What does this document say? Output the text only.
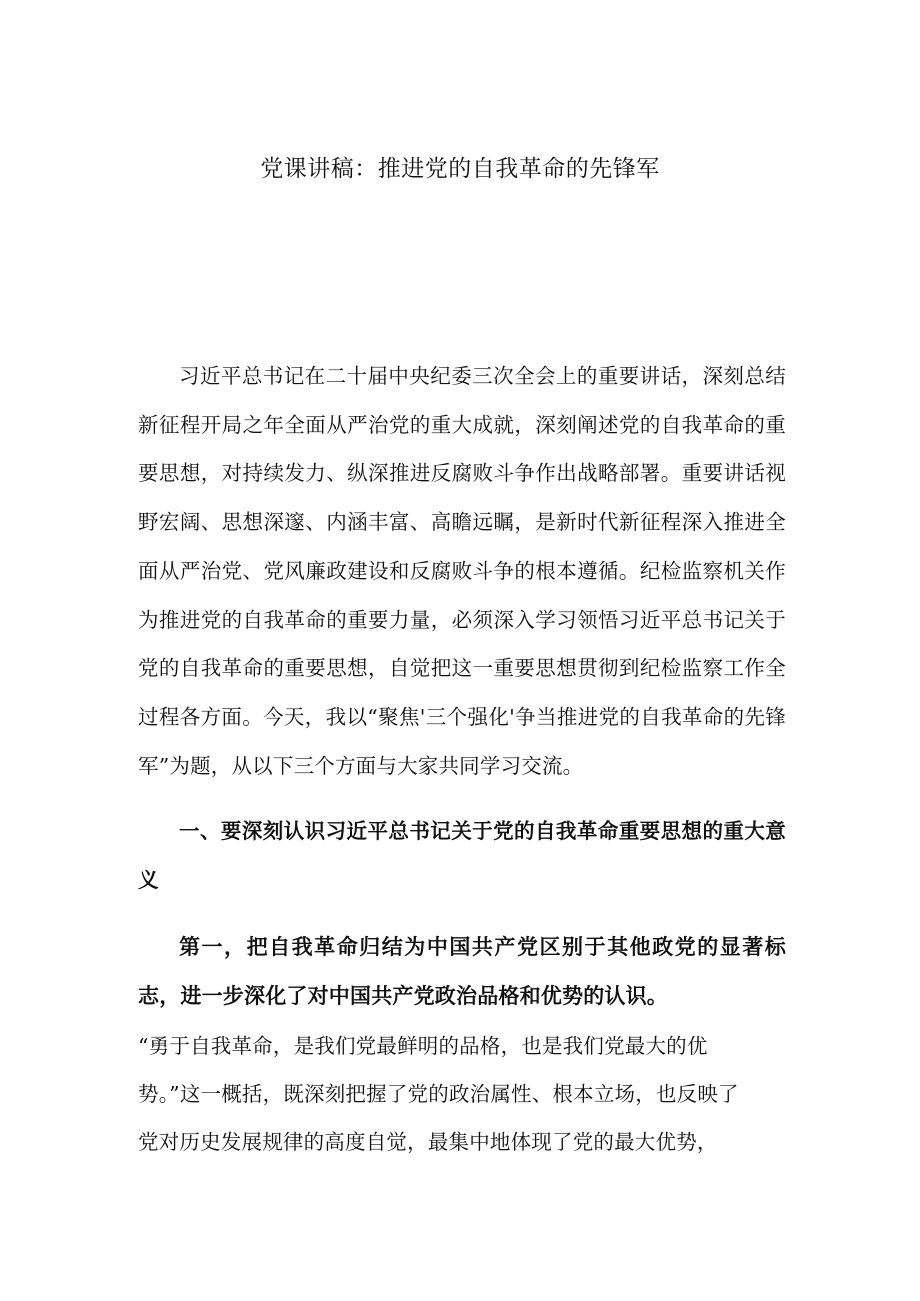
党课讲稿：推进党的自我革命的先锋军

习近平总书记在二十届中央纪委三次全会上的重要讲话，深刻总结新征程开局之年全面从严治党的重大成就，深刻阐述党的自我革命的重要思想，对持续发力、纵深推进反腐败斗争作出战略部署。重要讲话视野宏阔、思想深邃、内涵丰富、高瞻远瞩，是新时代新征程深入推进全面从严治党、党风廉政建设和反腐败斗争的根本遵循。纪检监察机关作为推进党的自我革命的重要力量，必须深入学习领悟习近平总书记关于党的自我革命的重要思想，自觉把这一重要思想贯彻到纪检监察工作全过程各方面。今天，我以“聚焦'三个强化'争当推进党的自我革命的先锋军”为题，从以下三个方面与大家共同学习交流。

一、要深刻认识习近平总书记关于党的自我革命重要思想的重大意义

第一，把自我革命归结为中国共产党区别于其他政党的显著标志，进一步深化了对中国共产党政治品格和优势的认识。

“勇于自我革命，是我们党最鲜明的品格，也是我们党最大的优势。”这一概括，既深刻把握了党的政治属性、根本立场，也反映了党对历史发展规律的高度自觉，最集中地体现了党的最大优势，
